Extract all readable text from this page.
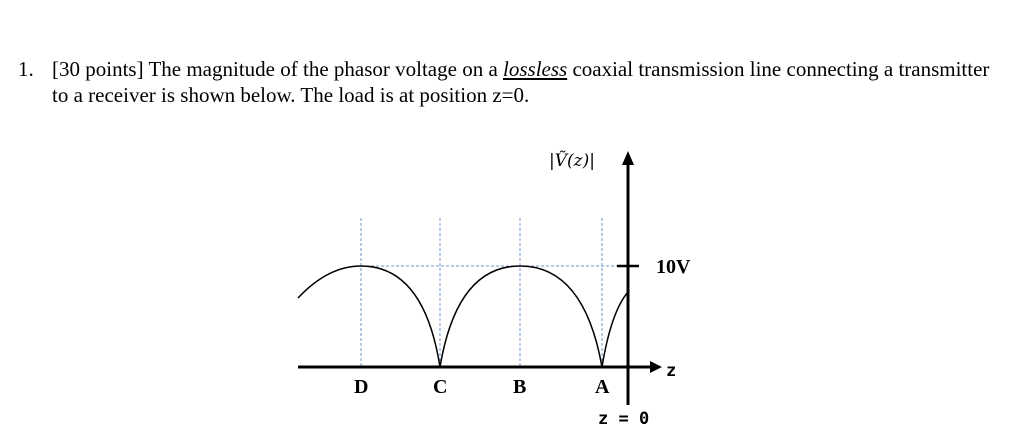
1. [30 points] The magnitude of the phasor voltage on a lossless coaxial transmission line connecting a transmitter to a receiver is shown below. The load is at position z=0.
|Ṽ(z)|
10V
z
z = 0
D	C	B	A
